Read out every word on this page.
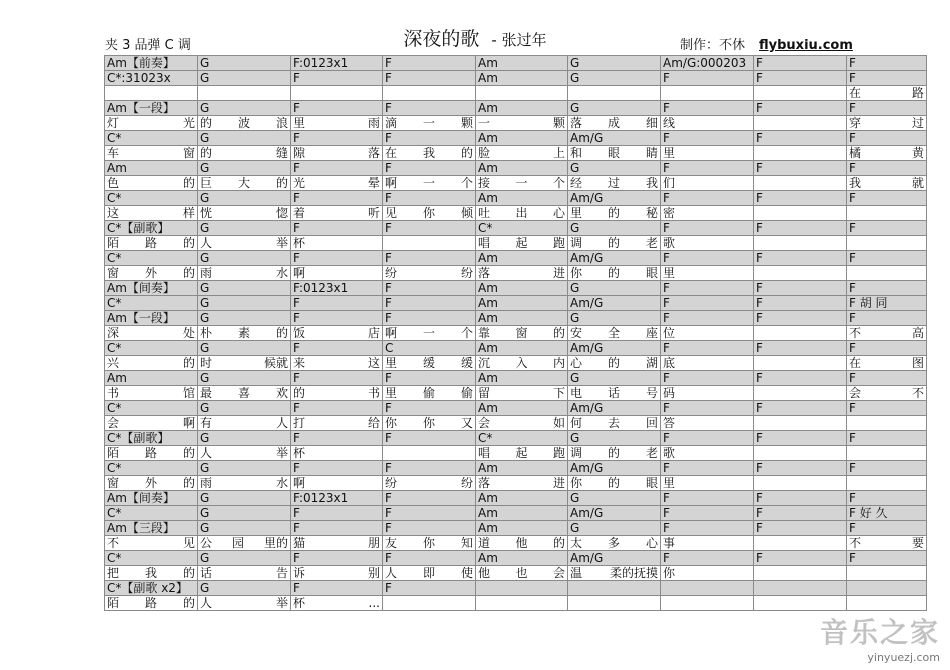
夹 3 品弹 C 调	深夜的歌 - 张过年	制作：不休 flybuxiu.com
Am【前奏】	G	F:0123x1	F	Am	G	Am/G:000203	F	F
C*:31023x	G	F	F	Am	G	F	F	F

								在 路

Am【一段】	G	F	F	Am	G	F	F	F

灯 光	的 波 浪	里 雨	滴 一 颗	一 颗	落 成 细	线		穿 过

C*	G	F	F	Am	Am/G	F	F	F

车 窗	的 缝	隙 落	在 我 的	脸 上	和 眼 睛	里		橘 黄

Am	G	F	F	Am	G	F	F	F

色 的	巨 大 的	光 晕	啊 一 个	接 一 个	经 过 我	们		我 就

C*	G	F	F	Am	Am/G	F	F	F

这 样	恍 惚	着 听	见 你 倾	吐 出 心	里 的 秘	密		

C*【副歌】	G	F	F	C*	G	F	F	F

陌 路 的	人 举	杯		唱 起 跑	调 的 老	歌		

C*	G	F	F	Am	Am/G	F	F	F

窗 外 的	雨 水	啊	纷 纷	落 进	你 的 眼	里		

Am【间奏】	G	F:0123x1	F	Am	G	F	F	F
C*	G	F	F	Am	Am/G	F	F	F 胡 同
Am【一段】	G	F	F	Am	G	F	F	F

深 处	朴 素 的	饭 店	啊 一 个	靠 窗 的	安 全 座	位		不 高

C*	G	F	C	Am	Am/G	F	F	F

兴 的	时 候就	来 这	里 缓 缓	沉 入 内	心 的 湖	底		在 图

Am	G	F	F	Am	G	F	F	F

书 馆	最 喜 欢	的 书	里 偷 偷	留 下	电 话 号	码		会 不

C*	G	F	F	Am	Am/G	F	F	F

会 啊	有 人	打 给	你 你 又	会 如	何 去 回	答		

C*【副歌】	G	F	F	C*	G	F	F	F

陌 路 的	人 举	杯		唱 起 跑	调 的 老	歌		

C*	G	F	F	Am	Am/G	F	F	F

窗 外 的	雨 水	啊	纷 纷	落 进	你 的 眼	里		

Am【间奏】	G	F:0123x1	F	Am	G	F	F	F
C*	G	F	F	Am	Am/G	F	F	F 好 久
Am【三段】	G	F	F	Am	G	F	F	F

不 见	公 园 里的	猫 朋	友 你 知	道 他 的	太 多 心	事		不 要

C*	G	F	F	Am	Am/G	F	F	F

把 我 的	话 告	诉 别	人 即 使	他 也 会	温 柔的抚摸	你		

C*【副歌 x2】	G	F	F					

陌 路 的	人 举	杯 ...						

音乐之家
yinyuezj.com
